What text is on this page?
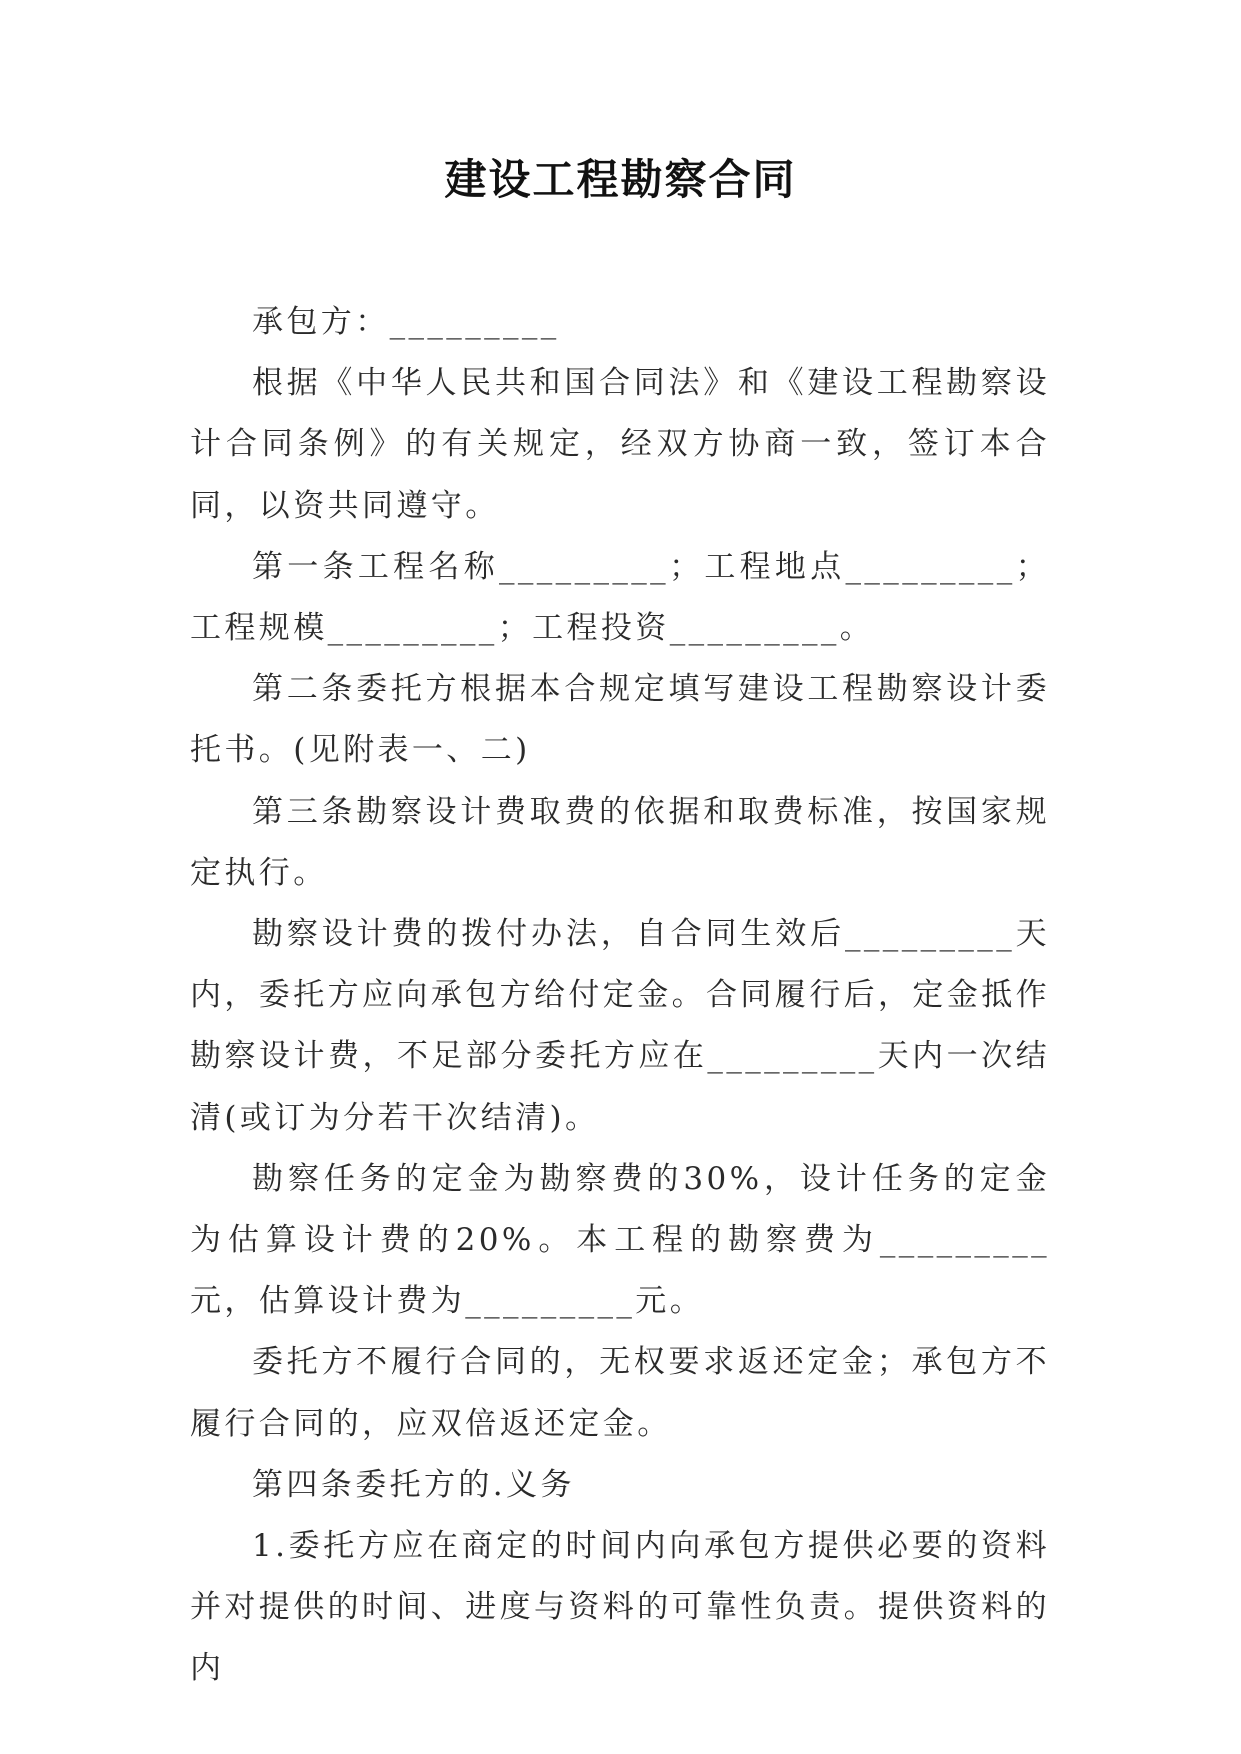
建设工程勘察合同

承包方：_________

根据《中华人民共和国合同法》和《建设工程勘察设计合同条例》的有关规定，经双方协商一致，签订本合同，以资共同遵守。

第一条工程名称_________；工程地点_________；工程规模_________；工程投资_________。

第二条委托方根据本合规定填写建设工程勘察设计委托书。(见附表一、二)

第三条勘察设计费取费的依据和取费标准，按国家规定执行。

勘察设计费的拨付办法，自合同生效后_________天内，委托方应向承包方给付定金。合同履行后，定金抵作勘察设计费，不足部分委托方应在_________天内一次结清(或订为分若干次结清)。

勘察任务的定金为勘察费的30%，设计任务的定金为估算设计费的20%。本工程的勘察费为_________元，估算设计费为_________元。

委托方不履行合同的，无权要求返还定金；承包方不履行合同的，应双倍返还定金。

第四条委托方的.义务

1.委托方应在商定的时间内向承包方提供必要的资料并对提供的时间、进度与资料的可靠性负责。提供资料的内
